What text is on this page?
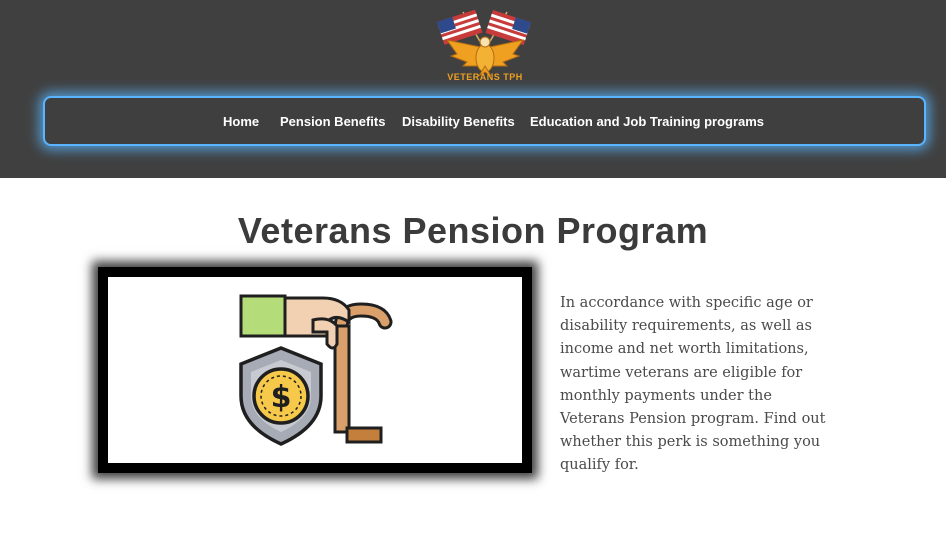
VETERANS TPH
Home Pension Benefits Disability Benefits Education and Job Training programs
Veterans Pension Program
$

In accordance with specific age or disability requirements, as well as income and net worth limitations, wartime veterans are eligible for monthly payments under the Veterans Pension program. Find out whether this perk is something you qualify for.
